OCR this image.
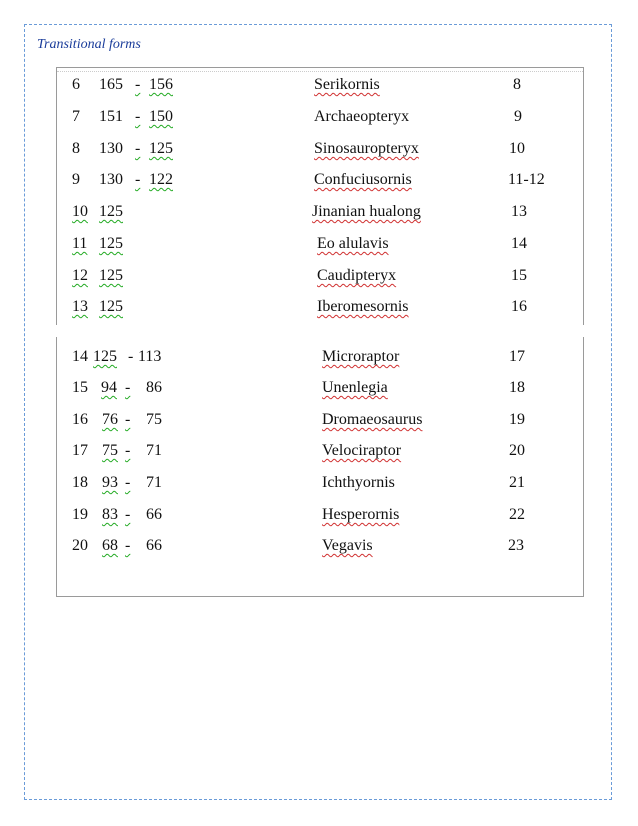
Transitional forms
6 165 - 156	Serikornis	8
7 151 - 150	Archaeopteryx	9
8 130 - 125	Sinosauropteryx	10
9 130 - 122	Confuciusornis	11-12
10 125	Jinanian hualong	13
11 125	Eo alulavis	14
12 125	Caudipteryx	15
13 125	Iberomesornis	16
14 125 - 113	Microraptor	17
15 94 - 86	Unenlegia	18
16 76 - 75	Dromaeosaurus	19
17 75 - 71	Velociraptor	20
18 93 - 71	Ichthyornis	21
19 83 - 66	Hesperornis	22
20 68 - 66	Vegavis	23
